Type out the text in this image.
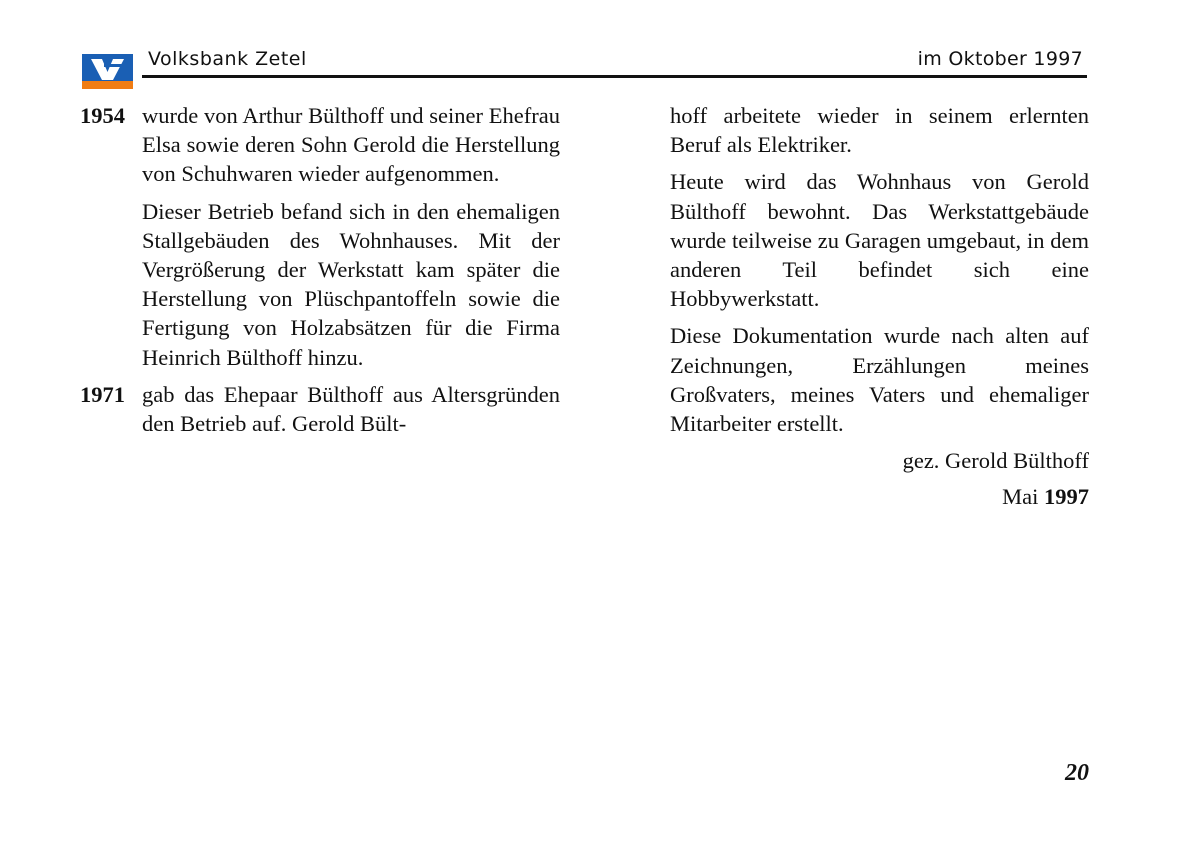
Volksbank Zetel	im Oktober 1997
1954 wurde von Arthur Bülthoff und seiner Ehefrau Elsa sowie deren Sohn Gerold die Herstellung von Schuhwaren wieder aufgenommen.

Dieser Betrieb befand sich in den ehemaligen Stallgebäuden des Wohnhauses. Mit der Vergrößerung der Werkstatt kam später die Herstellung von Plüschpantoffeln sowie die Fertigung von Holzabsätzen für die Firma Heinrich Bülthoff hinzu.

1971 gab das Ehepaar Bülthoff aus Altersgründen den Betrieb auf. Gerold Bült-

hoff arbeitete wieder in seinem erlernten Beruf als Elektriker.

Heute wird das Wohnhaus von Gerold Bülthoff bewohnt. Das Werkstattgebäude wurde teilweise zu Garagen umgebaut, in dem anderen Teil befindet sich eine Hobbywerkstatt.

Diese Dokumentation wurde nach alten auf Zeichnungen, Erzählungen meines Großvaters, meines Vaters und ehemaliger Mitarbeiter erstellt.

gez. Gerold Bülthoff
Mai 1997
20
